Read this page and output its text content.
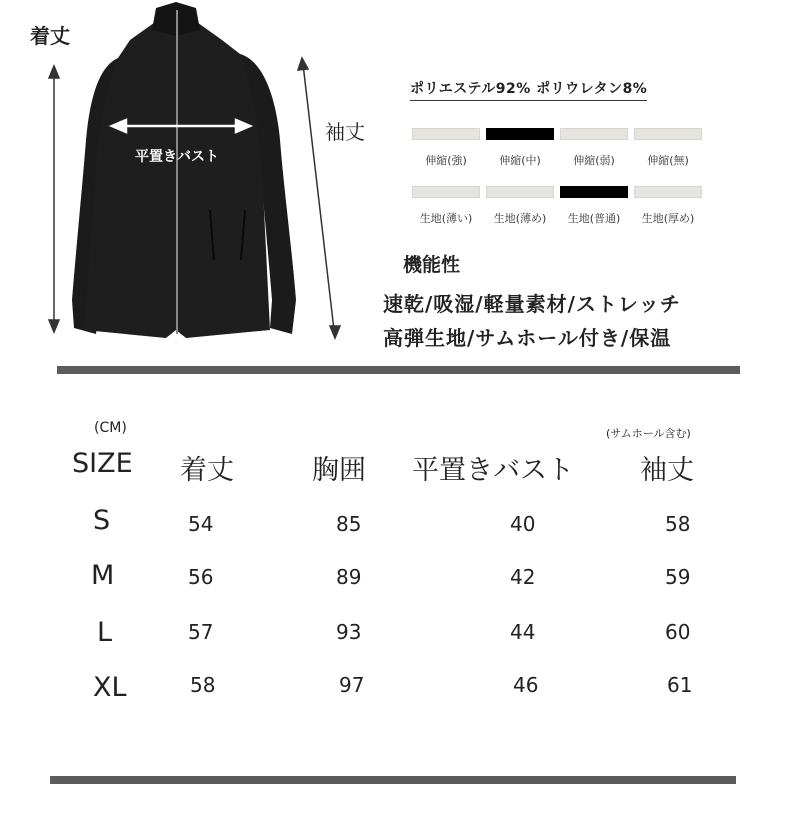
着丈
袖丈
平置きバスト
ポリエステル92% ポリウレタン8%
伸縮(強)	伸縮(中)	伸縮(弱)	伸縮(無)
生地(薄い) 生地(薄め) 生地(普通) 生地(厚め)
機能性
速乾/吸湿/軽量素材/ストレッチ
高弾生地/サムホール付き/保温
(CM)	(サムホール含む)
SIZE 着丈	胸囲 平置きバスト 袖丈
S	54	85	40	58
M	56	89	42	59
L	57	93	44	60
XL	58	97	46	61
